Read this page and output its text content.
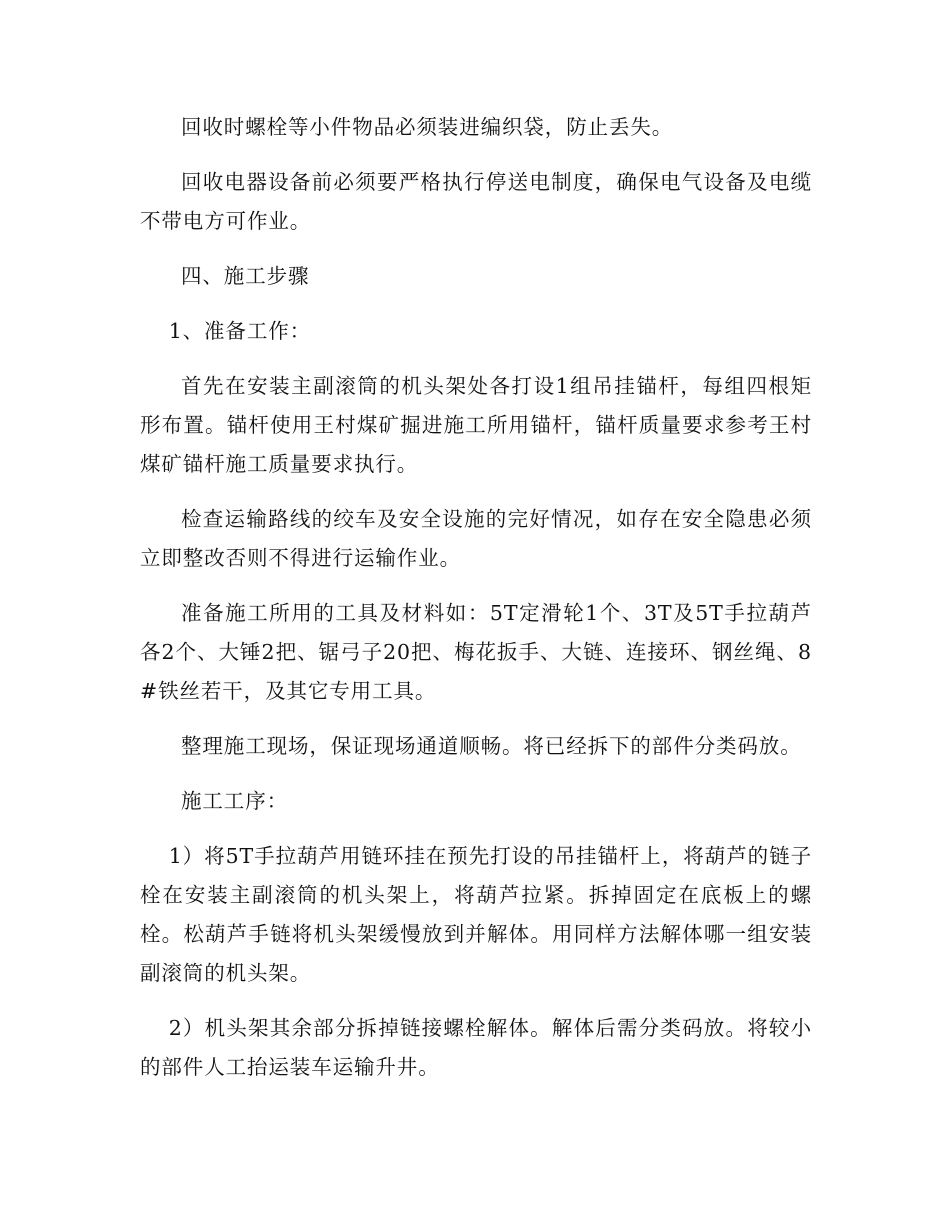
回收时螺栓等小件物品必须装进编织袋，防止丢失。

回收电器设备前必须要严格执行停送电制度，确保电气设备及电缆不带电方可作业。

四、施工步骤

1、准备工作：

首先在安装主副滚筒的机头架处各打设1组吊挂锚杆，每组四根矩形布置。锚杆使用王村煤矿掘进施工所用锚杆，锚杆质量要求参考王村煤矿锚杆施工质量要求执行。

检查运输路线的绞车及安全设施的完好情况，如存在安全隐患必须立即整改否则不得进行运输作业。

准备施工所用的工具及材料如：5T定滑轮1个、3T及5T手拉葫芦各2个、大锤2把、锯弓子20把、梅花扳手、大链、连接环、钢丝绳、8#铁丝若干，及其它专用工具。

整理施工现场，保证现场通道顺畅。将已经拆下的部件分类码放。

施工工序：

1）将5T手拉葫芦用链环挂在预先打设的吊挂锚杆上，将葫芦的链子栓在安装主副滚筒的机头架上，将葫芦拉紧。拆掉固定在底板上的螺栓。松葫芦手链将机头架缓慢放到并解体。用同样方法解体哪一组安装副滚筒的机头架。

2）机头架其余部分拆掉链接螺栓解体。解体后需分类码放。将较小的部件人工抬运装车运输升井。
